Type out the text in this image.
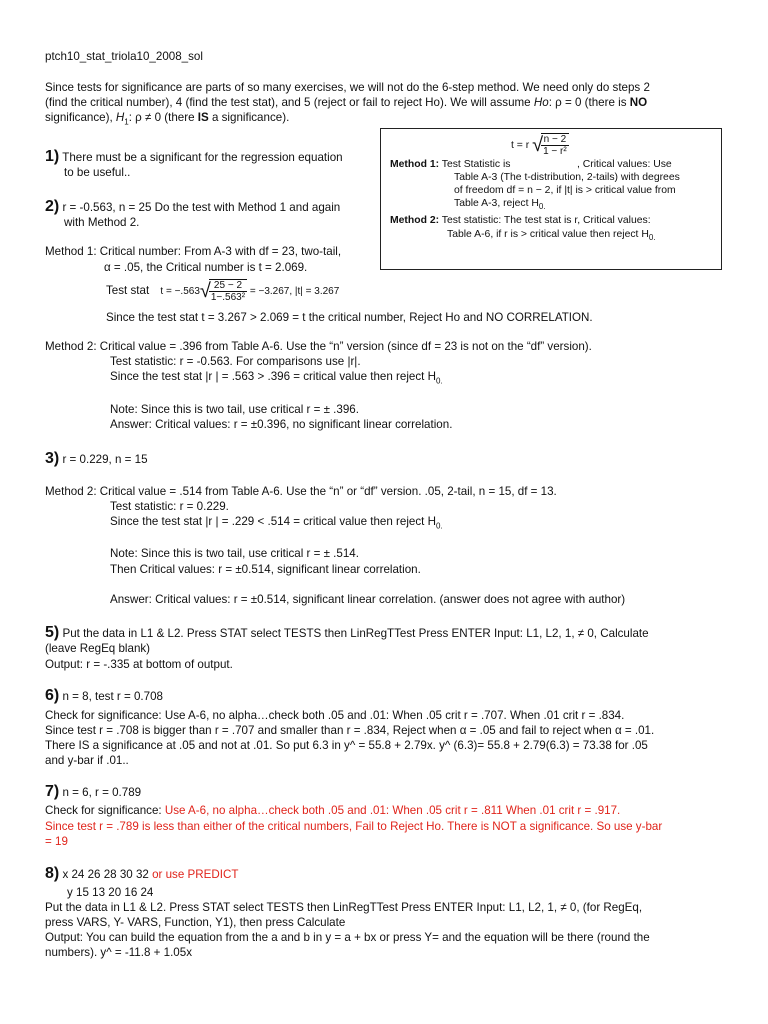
ptch10_stat_triola10_2008_sol
Since tests for significance are parts of so many exercises, we will not do the 6-step method. We need only do steps 2
(find the critical number), 4 (find the test stat), and 5 (reject or fail to reject Ho). We will assume Ho: ρ = 0 (there is NO
significance), $H_1$: ρ ≠ 0 (there IS a significance).
t = r √
$\frac{n - 2}{\text{1 − r²}}$
Method 1: Test Statistic is	, Critical values: Use
Table A-3 (The t-distribution, 2-tails) with degrees
of freedom df = n − 2, if |t| is > critical value from
Table A-3, reject $H_{0.}$
Method 2: Test statistic: The test stat is r, Critical values:
Table A-6, if r is > critical value then reject $H_{0.}$
1) There must be a significant for the regression equation
to be useful..
2) r = -0.563, n = 25 Do the test with Method 1 and again
with Method 2.
Method 1: Critical number: From A-3 with df = 23, two-tail,
α = .05, the Critical number is t = 2.069.
Test stat t = −.563√
$\frac{25 - 2}{\text{1−.563²}} = -3.267$, |t| = 3.267
Since the test stat t = 3.267 > 2.069 = t the critical number, Reject Ho and NO CORRELATION.
Method 2: Critical value = .396 from Table A-6. Use the “n” version (since df = 23 is not on the “df” version).
Test statistic: r = -0.563. For comparisons use |r|.
Since the test stat |r | = .563 > .396 = critical value then reject $H_{0.}$
Note: Since this is two tail, use critical r = ± .396.
Answer: Critical values: r = ±0.396, no significant linear correlation.
3) r = 0.229, n = 15
Method 2: Critical value = .514 from Table A-6. Use the “n” or “df” version. .05, 2-tail, n = 15, df = 13.
Test statistic: r = 0.229.
Since the test stat |r | = .229 < .514 = critical value then reject $H_{0.}$
Note: Since this is two tail, use critical r = ± .514.
Then Critical values: r = ±0.514, significant linear correlation.
Answer: Critical values: r = ±0.514, significant linear correlation. (answer does not agree with author)
5) Put the data in L1 & L2. Press STAT select TESTS then LinRegTTest Press ENTER Input: L1, L2, 1, ≠ 0, Calculate
(leave RegEq blank)
Output: r = -.335 at bottom of output.
6) n = 8, test r = 0.708
Check for significance: Use A-6, no alpha…check both .05 and .01: When .05 crit r = .707. When .01 crit r = .834.
Since test r = .708 is bigger than r = .707 and smaller than r = .834, Reject when α = .05 and fail to reject when α = .01.
There IS a significance at .05 and not at .01. So put 6.3 in y^ = 55.8 + 2.79x. y^ (6.3)= 55.8 + 2.79(6.3) = 73.38 for .05
and y-bar if .01..
7) n = 6, r = 0.789
Check for significance: Use A-6, no alpha…check both .05 and .01: When .05 crit r = .811 When .01 crit r = .917.
Since test r = .789 is less than either of the critical numbers, Fail to Reject Ho. There is NOT a significance. So use y-bar
= 19
8) x 24 26 28 30 32 or use PREDICT
y 15 13 20 16 24
Put the data in L1 & L2. Press STAT select TESTS then LinRegTTest Press ENTER Input: L1, L2, 1, ≠ 0, (for RegEq,
press VARS, Y- VARS, Function, Y1), then press Calculate
Output: You can build the equation from the a and b in y = a + bx or press Y= and the equation will be there (round the
numbers). y^ = -11.8 + 1.05x
